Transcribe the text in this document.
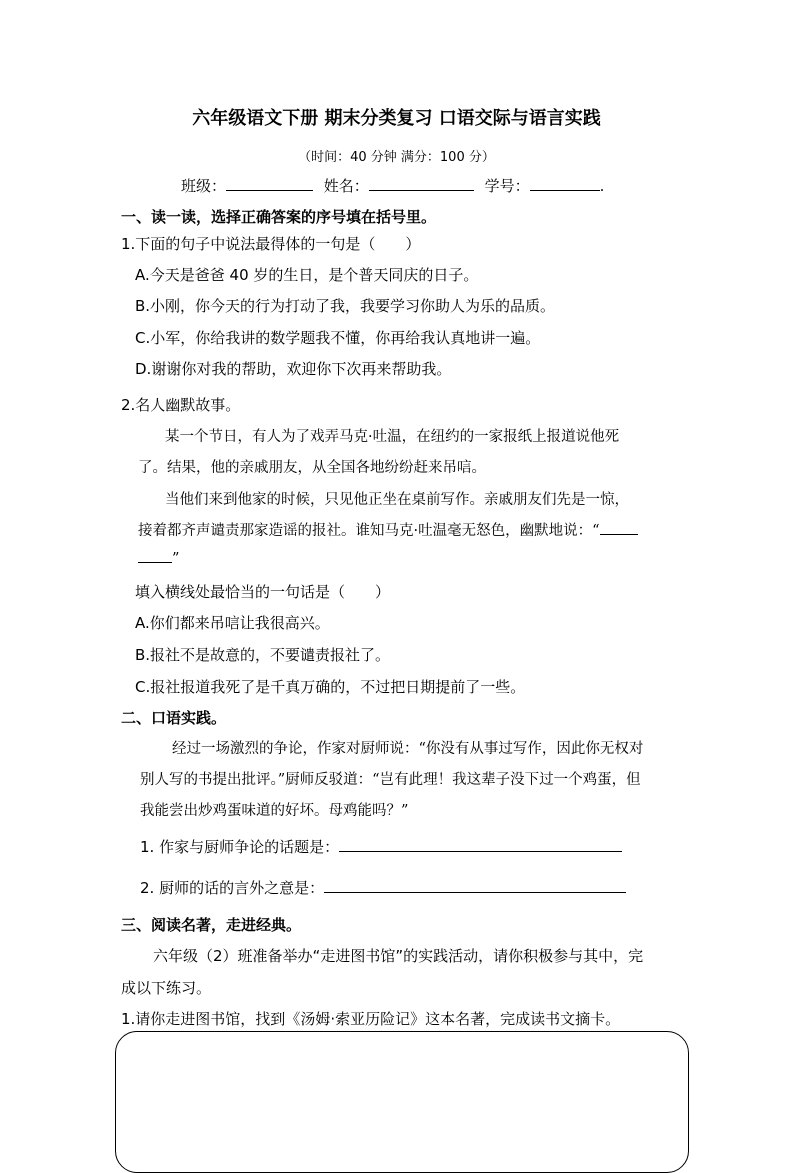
六年级语文下册 期末分类复习 口语交际与语言实践
（时间：40 分钟 满分：100 分）
班级：	姓名：	学号：	.
一、读一读，选择正确答案的序号填在括号里。
1.下面的句子中说法最得体的一句是（　　）
A.今天是爸爸 40 岁的生日，是个普天同庆的日子。
B.小刚，你今天的行为打动了我，我要学习你助人为乐的品质。
C.小军，你给我讲的数学题我不懂，你再给我认真地讲一遍。
D.谢谢你对我的帮助，欢迎你下次再来帮助我。
2.名人幽默故事。
某一个节日，有人为了戏弄马克·吐温，在纽约的一家报纸上报道说他死
了。结果，他的亲戚朋友，从全国各地纷纷赶来吊唁。
当他们来到他家的时候，只见他正坐在桌前写作。亲戚朋友们先是一惊，
接着都齐声谴责那家造谣的报社。谁知马克·吐温毫无怒色，幽默地说：“
”
填入横线处最恰当的一句话是（　　）
A.你们都来吊唁让我很高兴。
B.报社不是故意的，不要谴责报社了。
C.报社报道我死了是千真万确的，不过把日期提前了一些。
二、口语实践。
经过一场激烈的争论，作家对厨师说：“你没有从事过写作，因此你无权对
别人写的书提出批评。”厨师反驳道：“岂有此理！我这辈子没下过一个鸡蛋，但
我能尝出炒鸡蛋味道的好坏。母鸡能吗？”
1. 作家与厨师争论的话题是：
2. 厨师的话的言外之意是：
三、阅读名著，走进经典。
六年级（2）班准备举办“走进图书馆”的实践活动，请你积极参与其中，完
成以下练习。
1.请你走进图书馆，找到《汤姆·索亚历险记》这本名著，完成读书文摘卡。
